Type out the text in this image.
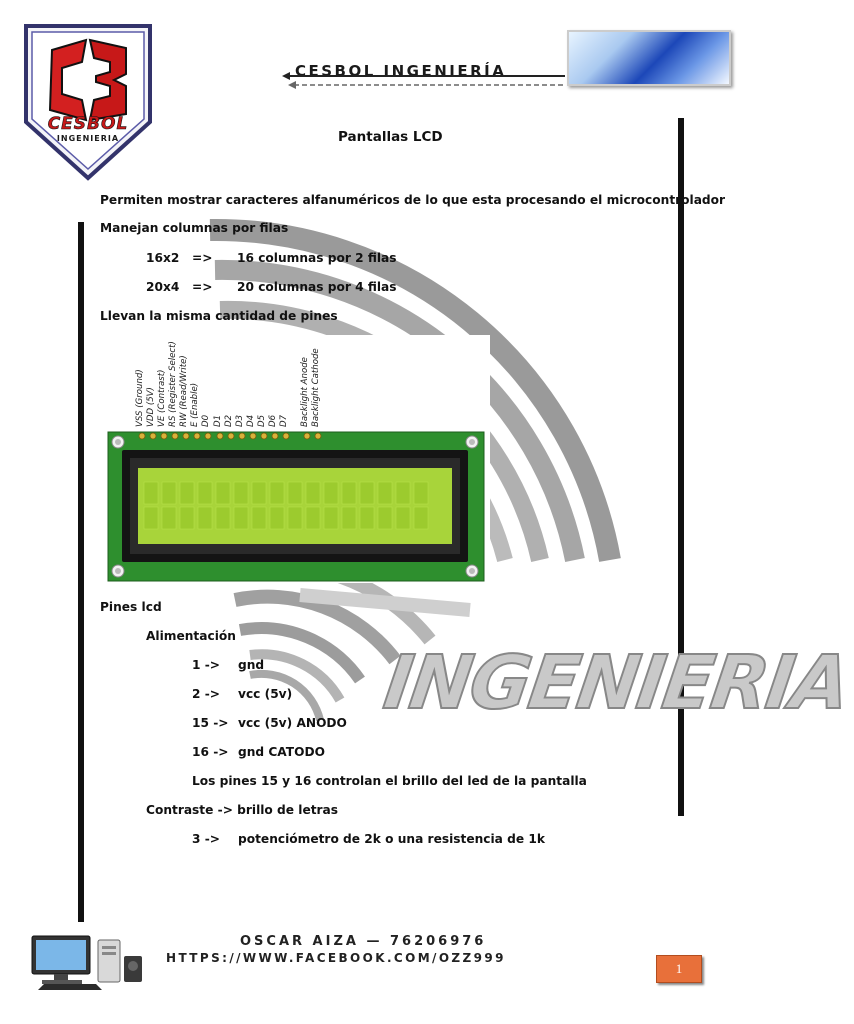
CESBOL
INGENIERIA
CESBOL INGENIERÍA
Pantallas LCD
Permiten mostrar caracteres alfanuméricos de lo que esta procesando el microcontrolador
Manejan columnas por filas
16x2 => 16 columnas por 2 filas
20x4 => 20 columnas por 4 filas
Llevan la misma cantidad de pines
VSS (Ground) VDD (5V) VE (Contrast) RS (Register Select) RW (Read/Write) E (Enable) D0 D1 D2 D3 D4 D5 D6 D7 Backlight Anode Backlight Cathode
INGENIERIA
Pines lcd
Alimentación
1 -> gnd
2 -> vcc (5v)
15 -> vcc (5v) ANODO
16 -> gnd CATODO
Los pines 15 y 16 controlan el brillo del led de la pantalla
Contraste -> brillo de letras
3 -> potenciómetro de 2k o una resistencia de 1k
OSCAR AIZA — 76206976
HTTPS://WWW.FACEBOOK.COM/OZZ999
1
